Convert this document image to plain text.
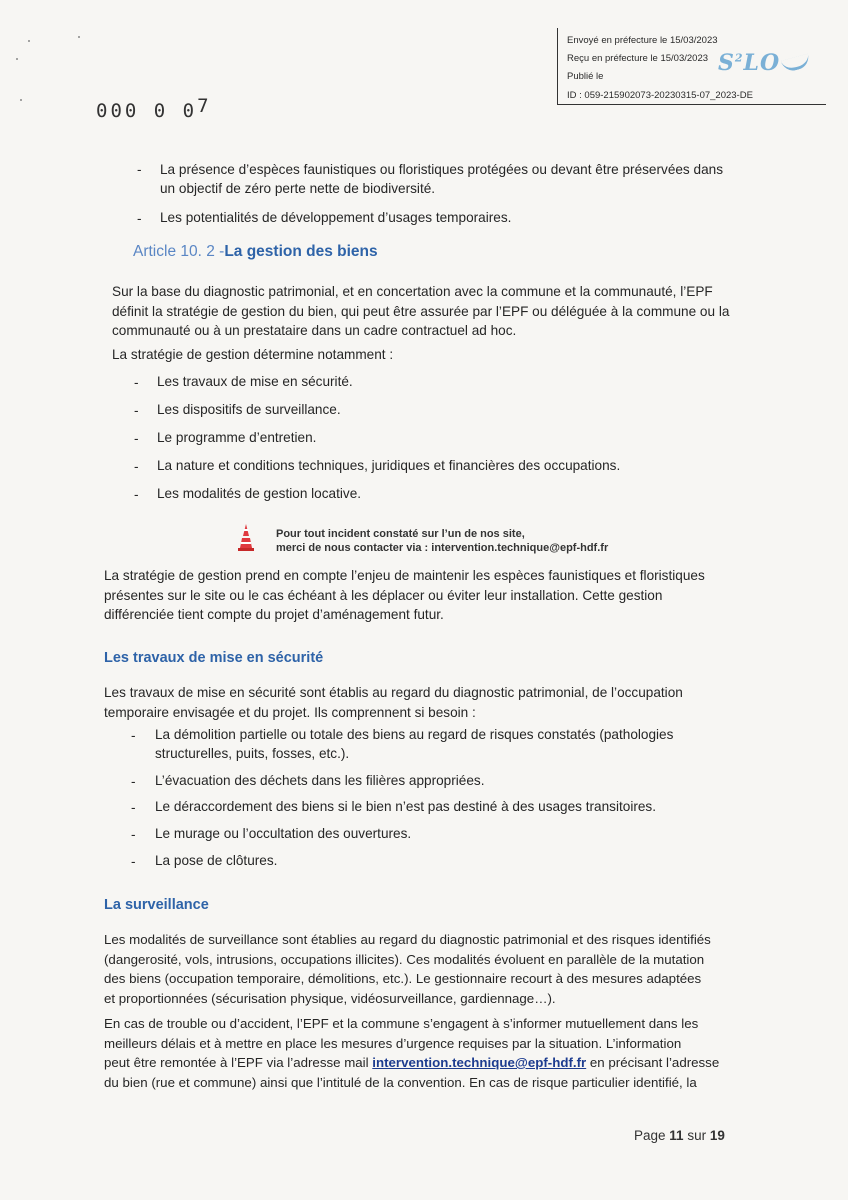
Envoyé en préfecture le 15/03/2023
Reçu en préfecture le 15/03/2023
Publié le
ID : 059-215902073-20230315-07_2023-DE
$S^2LO$
000 0 07
- La présence d’espèces faunistiques ou floristiques protégées ou devant être préservées dans
un objectif de zéro perte nette de biodiversité.
- Les potentialités de développement d’usages temporaires.
Article 10. 2 -La gestion des biens
Sur la base du diagnostic patrimonial, et en concertation avec la commune et la communauté, l’EPF
définit la stratégie de gestion du bien, qui peut être assurée par l’EPF ou déléguée à la commune ou la
communauté ou à un prestataire dans un cadre contractuel ad hoc.
La stratégie de gestion détermine notamment :
- Les travaux de mise en sécurité.
- Les dispositifs de surveillance.
- Le programme d’entretien.
- La nature et conditions techniques, juridiques et financières des occupations.
- Les modalités de gestion locative.
Pour tout incident constaté sur l’un de nos site,
merci de nous contacter via : intervention.technique@epf-hdf.fr
La stratégie de gestion prend en compte l’enjeu de maintenir les espèces faunistiques et floristiques
présentes sur le site ou le cas échéant à les déplacer ou éviter leur installation. Cette gestion
différenciée tient compte du projet d’aménagement futur.
Les travaux de mise en sécurité
Les travaux de mise en sécurité sont établis au regard du diagnostic patrimonial, de l’occupation
temporaire envisagée et du projet. Ils comprennent si besoin :
- La démolition partielle ou totale des biens au regard de risques constatés (pathologies
structurelles, puits, fosses, etc.).
- L’évacuation des déchets dans les filières appropriées.
- Le déraccordement des biens si le bien n’est pas destiné à des usages transitoires.
- Le murage ou l’occultation des ouvertures.
- La pose de clôtures.
La surveillance
Les modalités de surveillance sont établies au regard du diagnostic patrimonial et des risques identifiés
(dangerosité, vols, intrusions, occupations illicites). Ces modalités évoluent en parallèle de la mutation
des biens (occupation temporaire, démolitions, etc.). Le gestionnaire recourt à des mesures adaptées
et proportionnées (sécurisation physique, vidéosurveillance, gardiennage…).
En cas de trouble ou d’accident, l’EPF et la commune s’engagent à s’informer mutuellement dans les
meilleurs délais et à mettre en place les mesures d’urgence requises par la situation. L’information
peut être remontée à l’EPF via l’adresse mail intervention.technique@epf-hdf.fr en précisant l’adresse
du bien (rue et commune) ainsi que l’intitulé de la convention. En cas de risque particulier identifié, la
Page 11 sur 19
